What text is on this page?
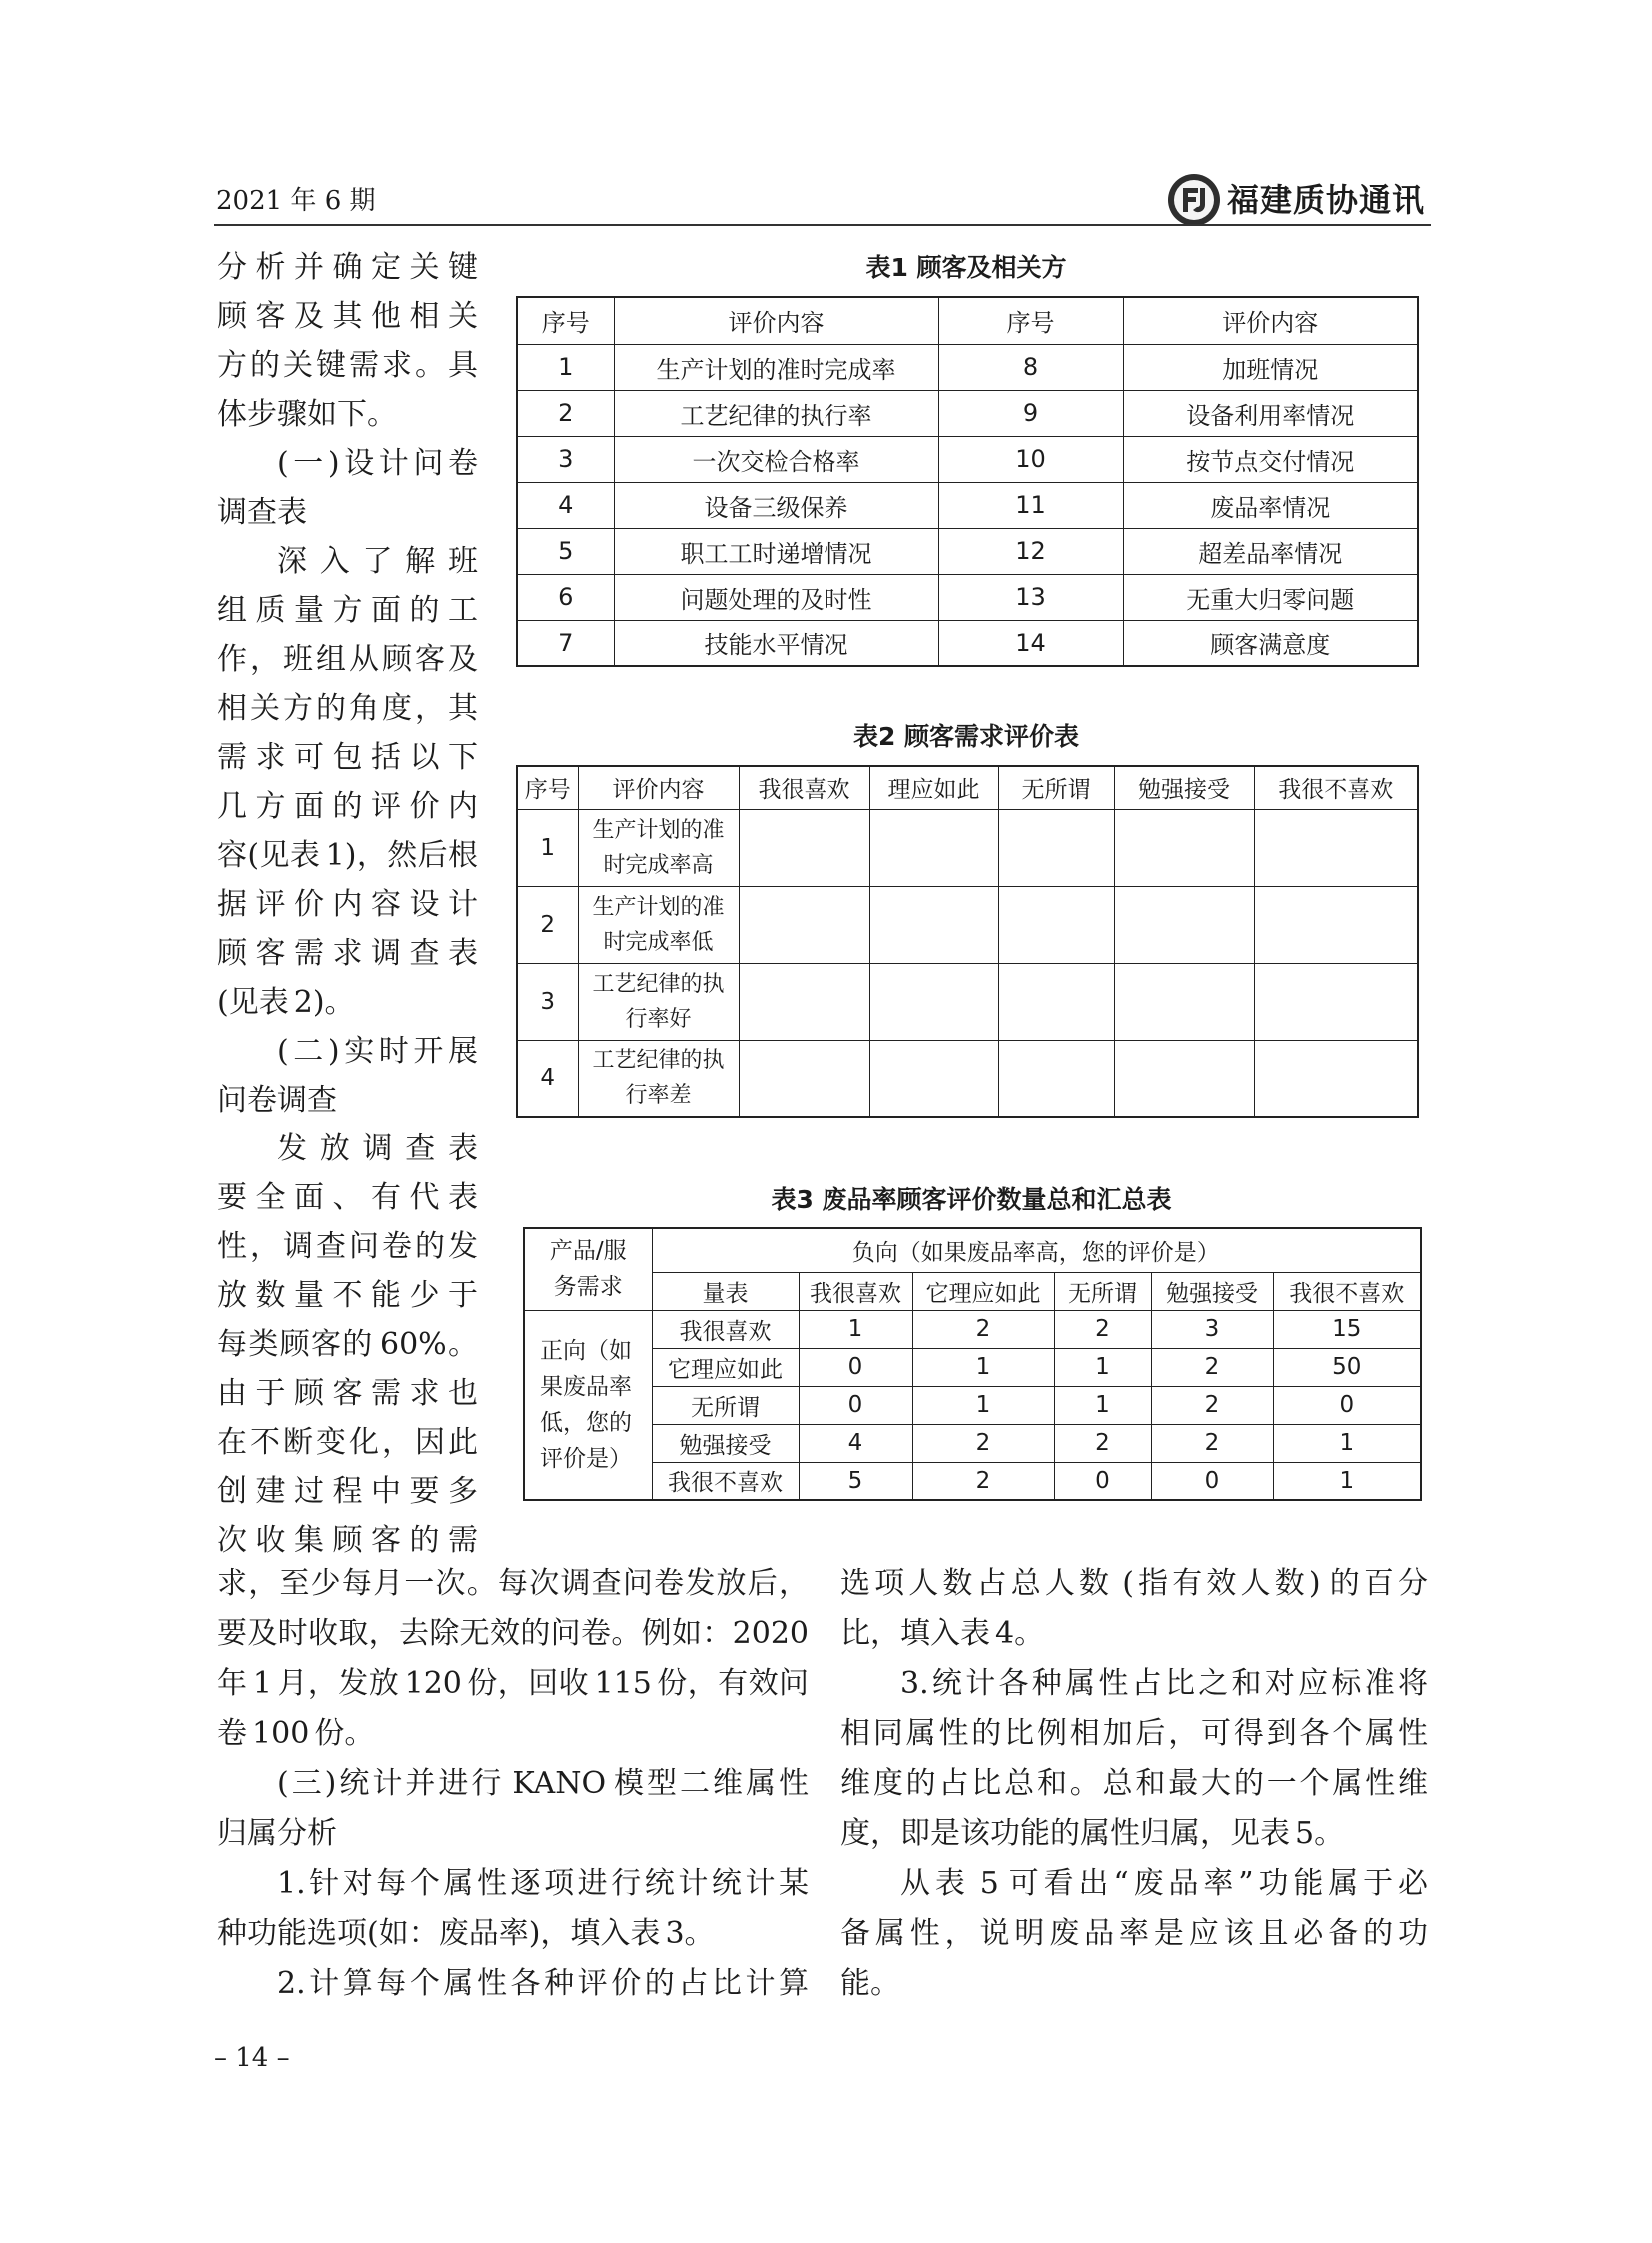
2021 年 6 期	福建质协通讯
分析并确定关键
顾客及其他相关
方的关键需求。具
体步骤如下。
(一)设计问卷
调查表
深入了解班
组质量方面的工
作，班组从顾客及
相关方的角度，其
需求可包括以下
几方面的评价内
容(见表 1)，然后根
据评价内容设计
顾客需求调查表
(见表 2)。
(二)实时开展
问卷调查
发放调查表
要全面、有代表
性，调查问卷的发
放数量不能少于
每类顾客的 60%。
由于顾客需求也
在不断变化，因此
创建过程中要多
次收集顾客的需
表1 顾客及相关方
序号	评价内容	序号	评价内容
1	生产计划的准时完成率	8	加班情况
2	工艺纪律的执行率	9	设备利用率情况
3	一次交检合格率	10	按节点交付情况
4	设备三级保养	11	废品率情况
5	职工工时递增情况	12	超差品率情况
6	问题处理的及时性	13	无重大归零问题
7	技能水平情况	14	顾客满意度
表2 顾客需求评价表
序号	评价内容	我很喜欢	理应如此	无所谓	勉强接受	我很不喜欢
1	生产计划的准时完成率高					
2	生产计划的准时完成率低					
3	工艺纪律的执行率好					
4	工艺纪律的执行率差					
表3 废品率顾客评价数量总和汇总表
产品/服务需求	负向（如果废品率高，您的评价是）					
	量表	我很喜欢	它理应如此	无所谓	勉强接受	我很不喜欢
正向（如果废品率低，您的评价是）	我很喜欢	1	2	2	3	15
	它理应如此	0	1	1	2	50
	无所谓	0	1	1	2	0
	勉强接受	4	2	2	2	1
	我很不喜欢	5	2	0	0	1
求，至少每月一次。每次调查问卷发放后，
要及时收取，去除无效的问卷。例如：2020
年 1 月，发放 120 份，回收 115 份，有效问
卷 100 份。
(三)统计并进行 KANO 模型二维属性
归属分析
1.针对每个属性逐项进行统计统计某
种功能选项(如：废品率)，填入表 3。
2.计算每个属性各种评价的占比计算
选项人数占总人数 (指有效人数) 的百分
比，填入表 4。
3.统计各种属性占比之和对应标准将
相同属性的比例相加后，可得到各个属性
维度的占比总和。总和最大的一个属性维
度，即是该功能的属性归属，见表 5。
从表 5 可看出“废品率”功能属于必
备属性，说明废品率是应该且必备的功
能。
– 14 –
